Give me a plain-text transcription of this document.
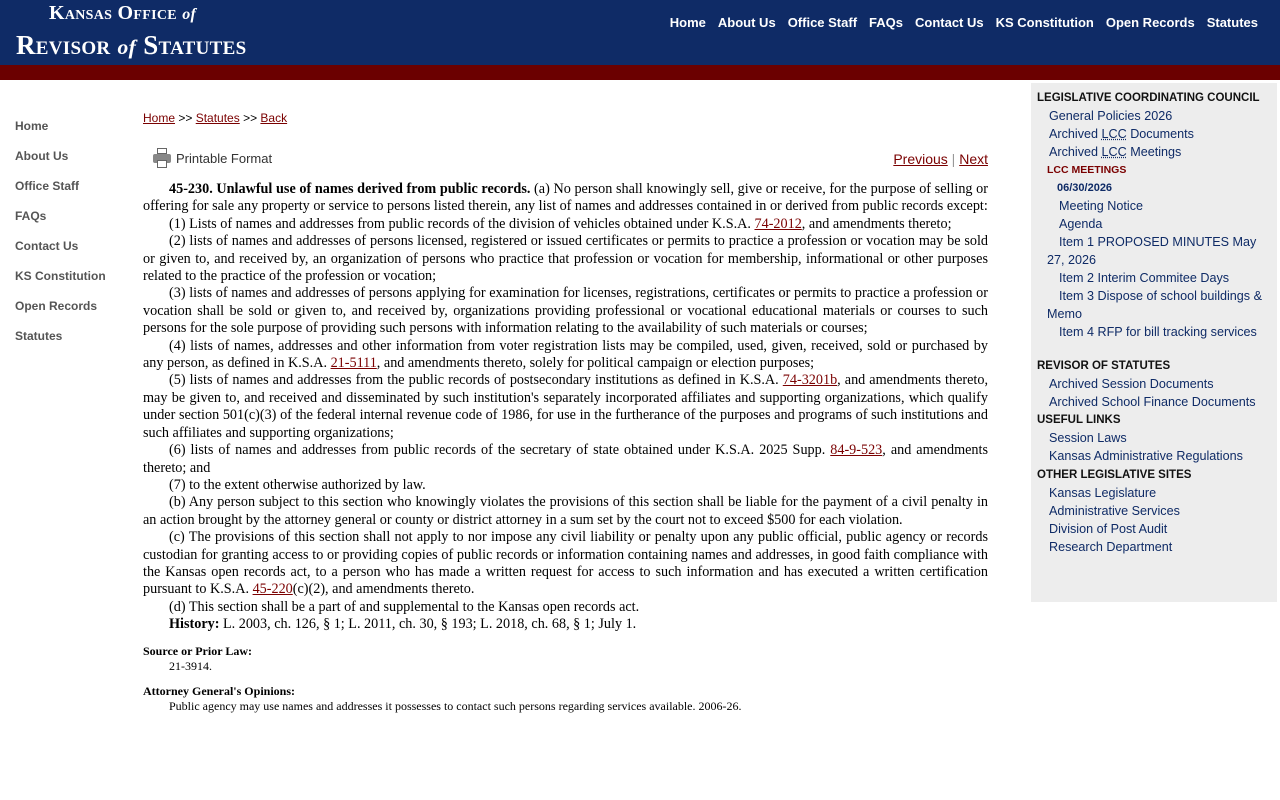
Kansas Office of
Revisor of Statutes
Home About Us Office Staff FAQs Contact Us KS Constitution Open Records Statutes
Home
About Us
Office Staff
FAQs
Contact Us
KS Constitution
Open Records
Statutes
Home >> Statutes >> Back
Printable Format	Previous | Next

45-230. Unlawful use of names derived from public records. (a) No person shall knowingly sell, give or receive, for the purpose of selling or offering for sale any property or service to persons listed therein, any list of names and addresses contained in or derived from public records except:

(1) Lists of names and addresses from public records of the division of vehicles obtained under K.S.A. 74-2012, and amendments thereto;

(2) lists of names and addresses of persons licensed, registered or issued certificates or permits to practice a profession or vocation may be sold or given to, and received by, an organization of persons who practice that profession or vocation for membership, informational or other purposes related to the practice of the profession or vocation;

(3) lists of names and addresses of persons applying for examination for licenses, registrations, certificates or permits to practice a profession or vocation shall be sold or given to, and received by, organizations providing professional or vocational educational materials or courses to such persons for the sole purpose of providing such persons with information relating to the availability of such materials or courses;

(4) lists of names, addresses and other information from voter registration lists may be compiled, used, given, received, sold or purchased by any person, as defined in K.S.A. 21-5111, and amendments thereto, solely for political campaign or election purposes;

(5) lists of names and addresses from the public records of postsecondary institutions as defined in K.S.A. 74-3201b, and amendments thereto, may be given to, and received and disseminated by such institution's separately incorporated affiliates and supporting organizations, which qualify under section 501(c)(3) of the federal internal revenue code of 1986, for use in the furtherance of the purposes and programs of such institutions and such affiliates and supporting organizations;

(6) lists of names and addresses from public records of the secretary of state obtained under K.S.A. 2025 Supp. 84-9-523, and amendments thereto; and

(7) to the extent otherwise authorized by law.

(b) Any person subject to this section who knowingly violates the provisions of this section shall be liable for the payment of a civil penalty in an action brought by the attorney general or county or district attorney in a sum set by the court not to exceed $500 for each violation.

(c) The provisions of this section shall not apply to nor impose any civil liability or penalty upon any public official, public agency or records custodian for granting access to or providing copies of public records or information containing names and addresses, in good faith compliance with the Kansas open records act, to a person who has made a written request for access to such information and has executed a written certification pursuant to K.S.A. 45-220(c)(2), and amendments thereto.

(d) This section shall be a part of and supplemental to the Kansas open records act.

History: L. 2003, ch. 126, § 1; L. 2011, ch. 30, § 193; L. 2018, ch. 68, § 1; July 1.

Source or Prior Law:
21-3914.
Attorney General's Opinions:
Public agency may use names and addresses it possesses to contact such persons regarding services available. 2006-26.
LEGISLATIVE COORDINATING COUNCIL
General Policies 2026
Archived LCC Documents
Archived LCC Meetings
LCC MEETINGS
06/30/2026
Meeting Notice
Agenda
Item 1 PROPOSED MINUTES May 27, 2026
Item 2 Interim Commitee Days
Item 3 Dispose of school buildings & Memo
Item 4 RFP for bill tracking services
REVISOR OF STATUTES
Archived Session Documents
Archived School Finance Documents
USEFUL LINKS
Session Laws
Kansas Administrative Regulations
OTHER LEGISLATIVE SITES
Kansas Legislature
Administrative Services
Division of Post Audit
Research Department
